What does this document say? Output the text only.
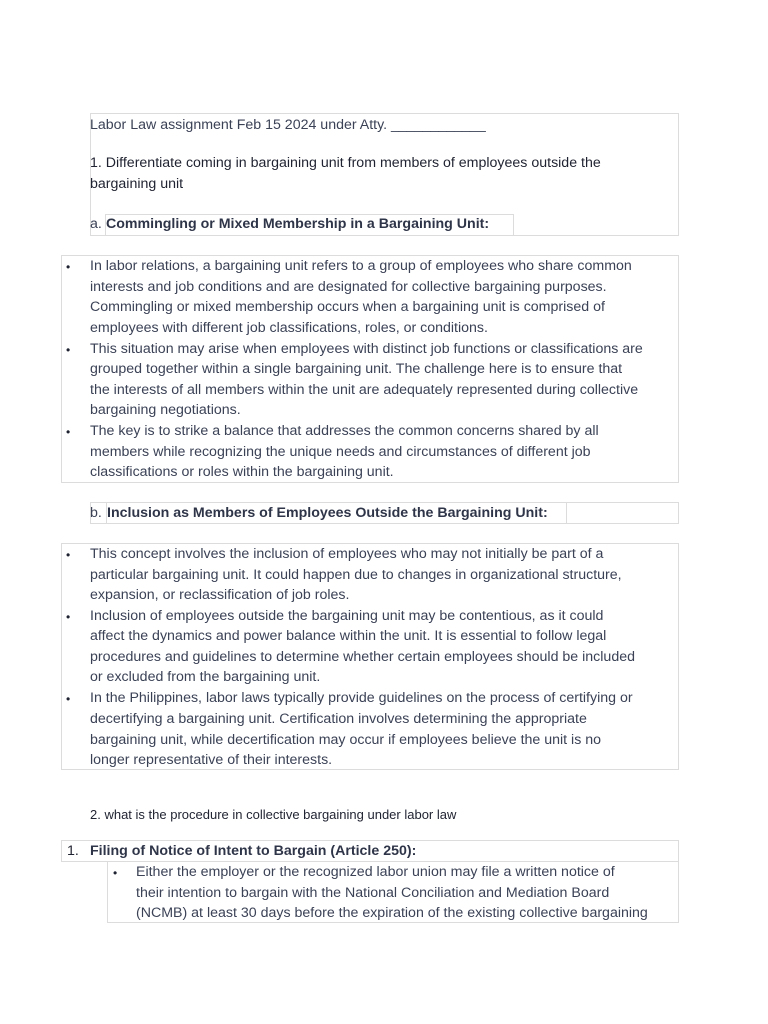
Labor Law assignment Feb 15 2024 under Atty. ____________
1. Differentiate coming in bargaining unit from members of employees outside the
bargaining unit
a. Commingling or Mixed Membership in a Bargaining Unit:
• In labor relations, a bargaining unit refers to a group of employees who share common
interests and job conditions and are designated for collective bargaining purposes.
Commingling or mixed membership occurs when a bargaining unit is comprised of
employees with different job classifications, roles, or conditions.
• This situation may arise when employees with distinct job functions or classifications are
grouped together within a single bargaining unit. The challenge here is to ensure that
the interests of all members within the unit are adequately represented during collective
bargaining negotiations.
• The key is to strike a balance that addresses the common concerns shared by all
members while recognizing the unique needs and circumstances of different job
classifications or roles within the bargaining unit.
b. Inclusion as Members of Employees Outside the Bargaining Unit:
• This concept involves the inclusion of employees who may not initially be part of a
particular bargaining unit. It could happen due to changes in organizational structure,
expansion, or reclassification of job roles.
• Inclusion of employees outside the bargaining unit may be contentious, as it could
affect the dynamics and power balance within the unit. It is essential to follow legal
procedures and guidelines to determine whether certain employees should be included
or excluded from the bargaining unit.
• In the Philippines, labor laws typically provide guidelines on the process of certifying or
decertifying a bargaining unit. Certification involves determining the appropriate
bargaining unit, while decertification may occur if employees believe the unit is no
longer representative of their interests.
2. what is the procedure in collective bargaining under labor law
1. Filing of Notice of Intent to Bargain (Article 250):
• Either the employer or the recognized labor union may file a written notice of
their intention to bargain with the National Conciliation and Mediation Board
(NCMB) at least 30 days before the expiration of the existing collective bargaining
